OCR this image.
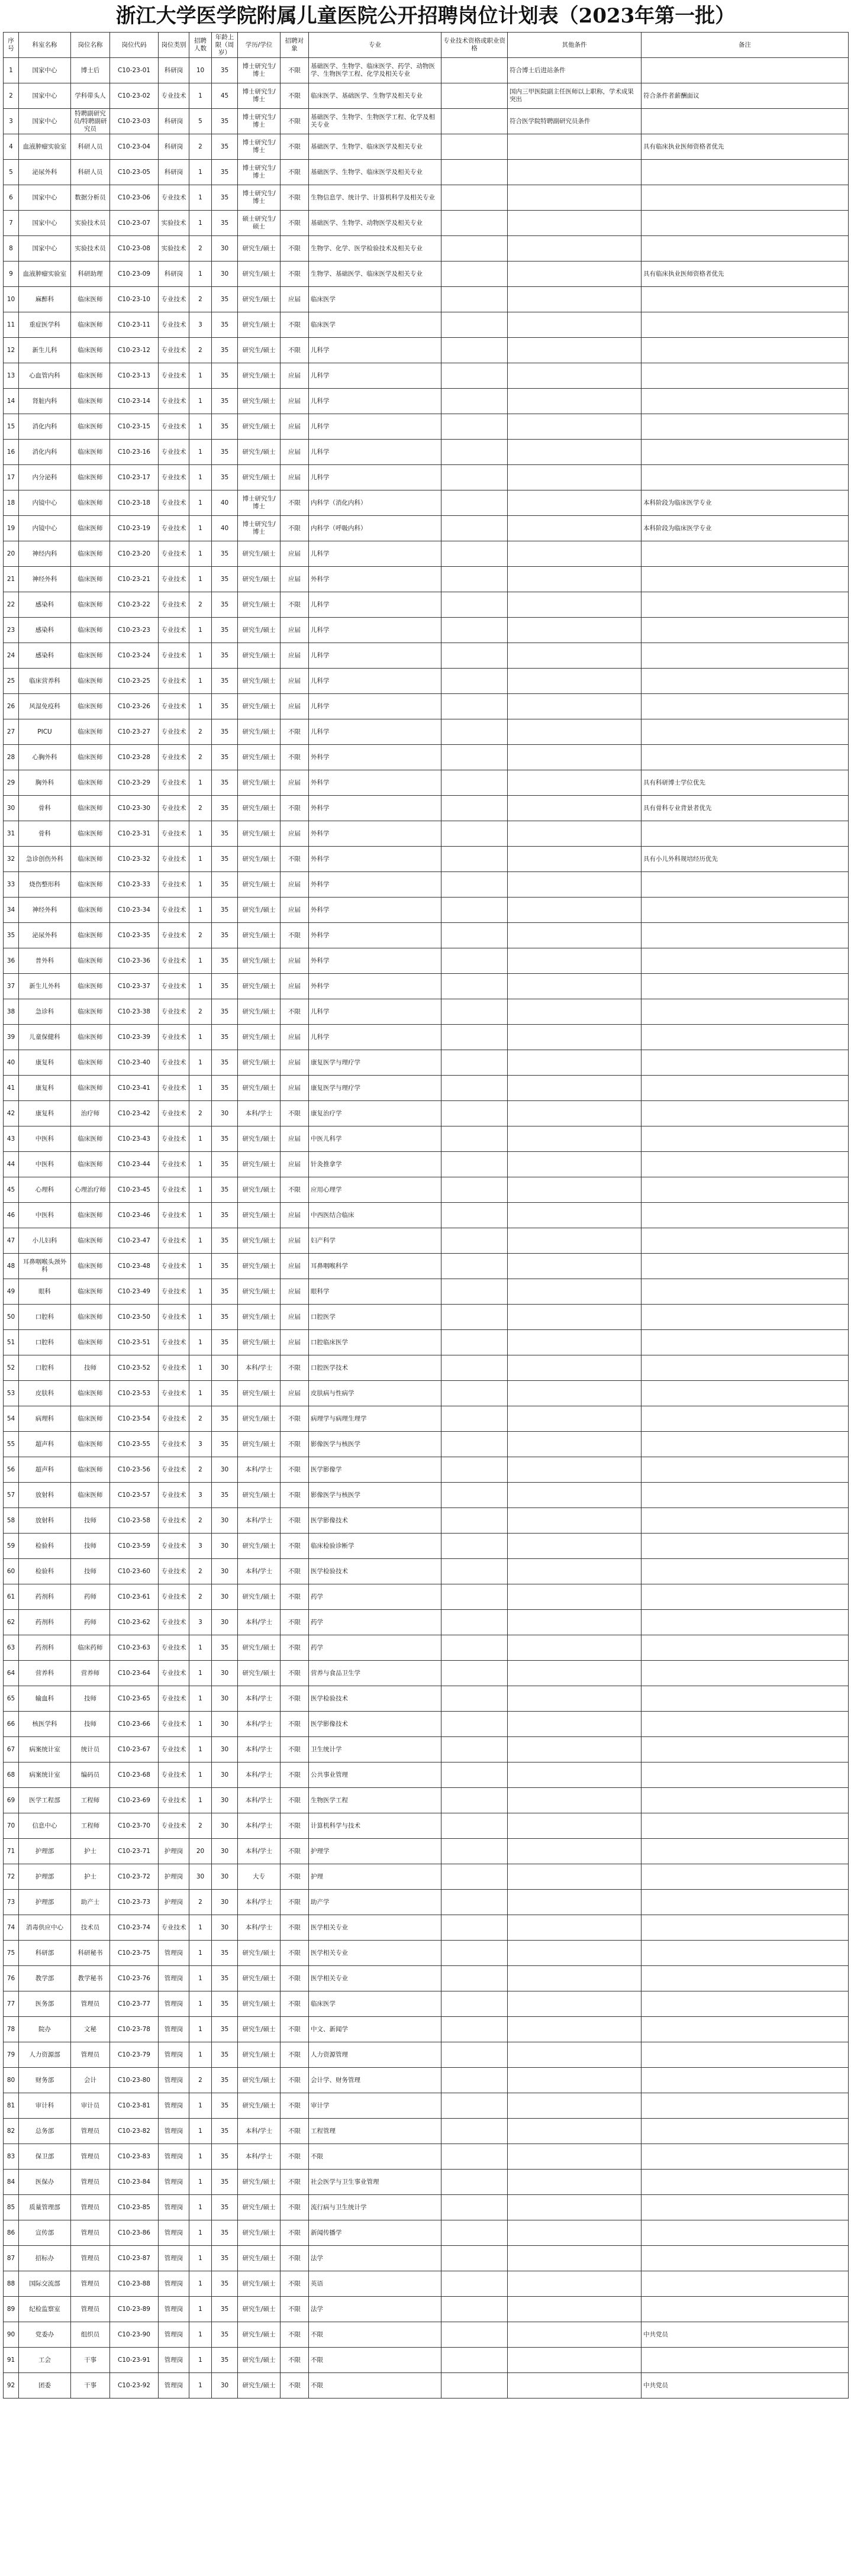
浙江大学医学院附属儿童医院公开招聘岗位计划表（2023年第一批）
序号	科室名称	岗位名称	岗位代码	岗位类别	招聘人数	年龄上限（周岁）	学历/学位	招聘对象	专业	专业技术资格或职业资格	其他条件	备注
1	国家中心	博士后	C10-23-01	科研岗	10	35	博士研究生/博士	不限	基础医学、生物学、临床医学、药学、动物医学、生物医学工程、化学及相关专业		符合博士后进站条件	
2	国家中心	学科带头人	C10-23-02	专业技术	1	45	博士研究生/博士	不限	临床医学、基础医学、生物学及相关专业		国内三甲医院副主任医师以上职称，学术成果突出	符合条件者薪酬面议
3	国家中心	特聘副研究员/特聘副研究员	C10-23-03	科研岗	5	35	博士研究生/博士	不限	基础医学、生物学、生物医学工程、化学及相关专业		符合医学院特聘副研究员条件	
4	血液肿瘤实验室	科研人员	C10-23-04	科研岗	2	35	博士研究生/博士	不限	基础医学、生物学、临床医学及相关专业			具有临床执业医师资格者优先
5	泌尿外科	科研人员	C10-23-05	科研岗	1	35	博士研究生/博士	不限	基础医学、生物学、临床医学及相关专业			
6	国家中心	数据分析员	C10-23-06	专业技术	1	35	博士研究生/博士	不限	生物信息学、统计学、计算机科学及相关专业			
7	国家中心	实验技术员	C10-23-07	实验技术	1	35	硕士研究生/硕士	不限	基础医学、生物学、动物医学及相关专业			
8	国家中心	实验技术员	C10-23-08	实验技术	2	30	研究生/硕士	不限	生物学、化学、医学检验技术及相关专业			
9	血液肿瘤实验室	科研助理	C10-23-09	科研岗	1	30	研究生/硕士	不限	生物学、基础医学、临床医学及相关专业			具有临床执业医师资格者优先
10	麻醉科	临床医师	C10-23-10	专业技术	2	35	研究生/硕士	应届	临床医学			
11	重症医学科	临床医师	C10-23-11	专业技术	3	35	研究生/硕士	不限	临床医学			
12	新生儿科	临床医师	C10-23-12	专业技术	2	35	研究生/硕士	不限	儿科学			
13	心血管内科	临床医师	C10-23-13	专业技术	1	35	研究生/硕士	应届	儿科学			
14	肾脏内科	临床医师	C10-23-14	专业技术	1	35	研究生/硕士	应届	儿科学			
15	消化内科	临床医师	C10-23-15	专业技术	1	35	研究生/硕士	应届	儿科学			
16	消化内科	临床医师	C10-23-16	专业技术	1	35	研究生/硕士	应届	儿科学			
17	内分泌科	临床医师	C10-23-17	专业技术	1	35	研究生/硕士	应届	儿科学			
18	内镜中心	临床医师	C10-23-18	专业技术	1	40	博士研究生/博士	不限	内科学（消化内科）			本科阶段为临床医学专业
19	内镜中心	临床医师	C10-23-19	专业技术	1	40	博士研究生/博士	不限	内科学（呼吸内科）			本科阶段为临床医学专业
20	神经内科	临床医师	C10-23-20	专业技术	1	35	研究生/硕士	应届	儿科学			
21	神经外科	临床医师	C10-23-21	专业技术	1	35	研究生/硕士	应届	外科学			
22	感染科	临床医师	C10-23-22	专业技术	2	35	研究生/硕士	不限	儿科学			
23	感染科	临床医师	C10-23-23	专业技术	1	35	研究生/硕士	应届	儿科学			
24	感染科	临床医师	C10-23-24	专业技术	1	35	研究生/硕士	应届	儿科学			
25	临床营养科	临床医师	C10-23-25	专业技术	1	35	研究生/硕士	应届	儿科学			
26	风湿免疫科	临床医师	C10-23-26	专业技术	1	35	研究生/硕士	应届	儿科学			
27	PICU	临床医师	C10-23-27	专业技术	2	35	研究生/硕士	不限	儿科学			
28	心胸外科	临床医师	C10-23-28	专业技术	2	35	研究生/硕士	不限	外科学			
29	胸外科	临床医师	C10-23-29	专业技术	1	35	研究生/硕士	应届	外科学			具有科研博士学位优先
30	骨科	临床医师	C10-23-30	专业技术	2	35	研究生/硕士	不限	外科学			具有骨科专业背景者优先
31	骨科	临床医师	C10-23-31	专业技术	1	35	研究生/硕士	应届	外科学			
32	急诊创伤外科	临床医师	C10-23-32	专业技术	1	35	研究生/硕士	不限	外科学			具有小儿外科规培经历优先
33	烧伤整形科	临床医师	C10-23-33	专业技术	1	35	研究生/硕士	应届	外科学			
34	神经外科	临床医师	C10-23-34	专业技术	1	35	研究生/硕士	应届	外科学			
35	泌尿外科	临床医师	C10-23-35	专业技术	2	35	研究生/硕士	不限	外科学			
36	普外科	临床医师	C10-23-36	专业技术	1	35	研究生/硕士	应届	外科学			
37	新生儿外科	临床医师	C10-23-37	专业技术	1	35	研究生/硕士	应届	外科学			
38	急诊科	临床医师	C10-23-38	专业技术	2	35	研究生/硕士	不限	儿科学			
39	儿童保健科	临床医师	C10-23-39	专业技术	1	35	研究生/硕士	应届	儿科学			
40	康复科	临床医师	C10-23-40	专业技术	1	35	研究生/硕士	应届	康复医学与理疗学			
41	康复科	临床医师	C10-23-41	专业技术	1	35	研究生/硕士	应届	康复医学与理疗学			
42	康复科	治疗师	C10-23-42	专业技术	2	30	本科/学士	不限	康复治疗学			
43	中医科	临床医师	C10-23-43	专业技术	1	35	研究生/硕士	应届	中医儿科学			
44	中医科	临床医师	C10-23-44	专业技术	1	35	研究生/硕士	应届	针灸推拿学			
45	心理科	心理治疗师	C10-23-45	专业技术	1	35	研究生/硕士	不限	应用心理学			
46	中医科	临床医师	C10-23-46	专业技术	1	35	研究生/硕士	应届	中西医结合临床			
47	小儿妇科	临床医师	C10-23-47	专业技术	1	35	研究生/硕士	应届	妇产科学			
48	耳鼻咽喉头颈外科	临床医师	C10-23-48	专业技术	1	35	研究生/硕士	应届	耳鼻咽喉科学			
49	眼科	临床医师	C10-23-49	专业技术	1	35	研究生/硕士	应届	眼科学			
50	口腔科	临床医师	C10-23-50	专业技术	1	35	研究生/硕士	应届	口腔医学			
51	口腔科	临床医师	C10-23-51	专业技术	1	35	研究生/硕士	应届	口腔临床医学			
52	口腔科	技师	C10-23-52	专业技术	1	30	本科/学士	不限	口腔医学技术			
53	皮肤科	临床医师	C10-23-53	专业技术	1	35	研究生/硕士	应届	皮肤病与性病学			
54	病理科	临床医师	C10-23-54	专业技术	2	35	研究生/硕士	不限	病理学与病理生理学			
55	超声科	临床医师	C10-23-55	专业技术	3	35	研究生/硕士	不限	影像医学与核医学			
56	超声科	临床医师	C10-23-56	专业技术	2	30	本科/学士	不限	医学影像学			
57	放射科	临床医师	C10-23-57	专业技术	3	35	研究生/硕士	不限	影像医学与核医学			
58	放射科	技师	C10-23-58	专业技术	2	30	本科/学士	不限	医学影像技术			
59	检验科	技师	C10-23-59	专业技术	3	30	研究生/硕士	不限	临床检验诊断学			
60	检验科	技师	C10-23-60	专业技术	2	30	本科/学士	不限	医学检验技术			
61	药剂科	药师	C10-23-61	专业技术	2	30	研究生/硕士	不限	药学			
62	药剂科	药师	C10-23-62	专业技术	3	30	本科/学士	不限	药学			
63	药剂科	临床药师	C10-23-63	专业技术	1	35	研究生/硕士	不限	药学			
64	营养科	营养师	C10-23-64	专业技术	1	30	研究生/硕士	不限	营养与食品卫生学			
65	输血科	技师	C10-23-65	专业技术	1	30	本科/学士	不限	医学检验技术			
66	核医学科	技师	C10-23-66	专业技术	1	30	本科/学士	不限	医学影像技术			
67	病案统计室	统计员	C10-23-67	专业技术	1	30	本科/学士	不限	卫生统计学			
68	病案统计室	编码员	C10-23-68	专业技术	1	30	本科/学士	不限	公共事业管理			
69	医学工程部	工程师	C10-23-69	专业技术	1	30	本科/学士	不限	生物医学工程			
70	信息中心	工程师	C10-23-70	专业技术	2	30	本科/学士	不限	计算机科学与技术			
71	护理部	护士	C10-23-71	护理岗	20	30	本科/学士	不限	护理学			
72	护理部	护士	C10-23-72	护理岗	30	30	大专	不限	护理			
73	护理部	助产士	C10-23-73	护理岗	2	30	本科/学士	不限	助产学			
74	消毒供应中心	技术员	C10-23-74	专业技术	1	30	本科/学士	不限	医学相关专业			
75	科研部	科研秘书	C10-23-75	管理岗	1	35	研究生/硕士	不限	医学相关专业			
76	教学部	教学秘书	C10-23-76	管理岗	1	35	研究生/硕士	不限	医学相关专业			
77	医务部	管理员	C10-23-77	管理岗	1	35	研究生/硕士	不限	临床医学			
78	院办	文秘	C10-23-78	管理岗	1	35	研究生/硕士	不限	中文、新闻学			
79	人力资源部	管理员	C10-23-79	管理岗	1	35	研究生/硕士	不限	人力资源管理			
80	财务部	会计	C10-23-80	管理岗	2	35	研究生/硕士	不限	会计学、财务管理			
81	审计科	审计员	C10-23-81	管理岗	1	35	研究生/硕士	不限	审计学			
82	总务部	管理员	C10-23-82	管理岗	1	35	本科/学士	不限	工程管理			
83	保卫部	管理员	C10-23-83	管理岗	1	35	本科/学士	不限	不限			
84	医保办	管理员	C10-23-84	管理岗	1	35	研究生/硕士	不限	社会医学与卫生事业管理			
85	质量管理部	管理员	C10-23-85	管理岗	1	35	研究生/硕士	不限	流行病与卫生统计学			
86	宣传部	管理员	C10-23-86	管理岗	1	35	研究生/硕士	不限	新闻传播学			
87	招标办	管理员	C10-23-87	管理岗	1	35	研究生/硕士	不限	法学			
88	国际交流部	管理员	C10-23-88	管理岗	1	35	研究生/硕士	不限	英语			
89	纪检监察室	管理员	C10-23-89	管理岗	1	35	研究生/硕士	不限	法学			
90	党委办	组织员	C10-23-90	管理岗	1	35	研究生/硕士	不限	不限			中共党员
91	工会	干事	C10-23-91	管理岗	1	35	研究生/硕士	不限	不限			
92	团委	干事	C10-23-92	管理岗	1	30	研究生/硕士	不限	不限			中共党员
